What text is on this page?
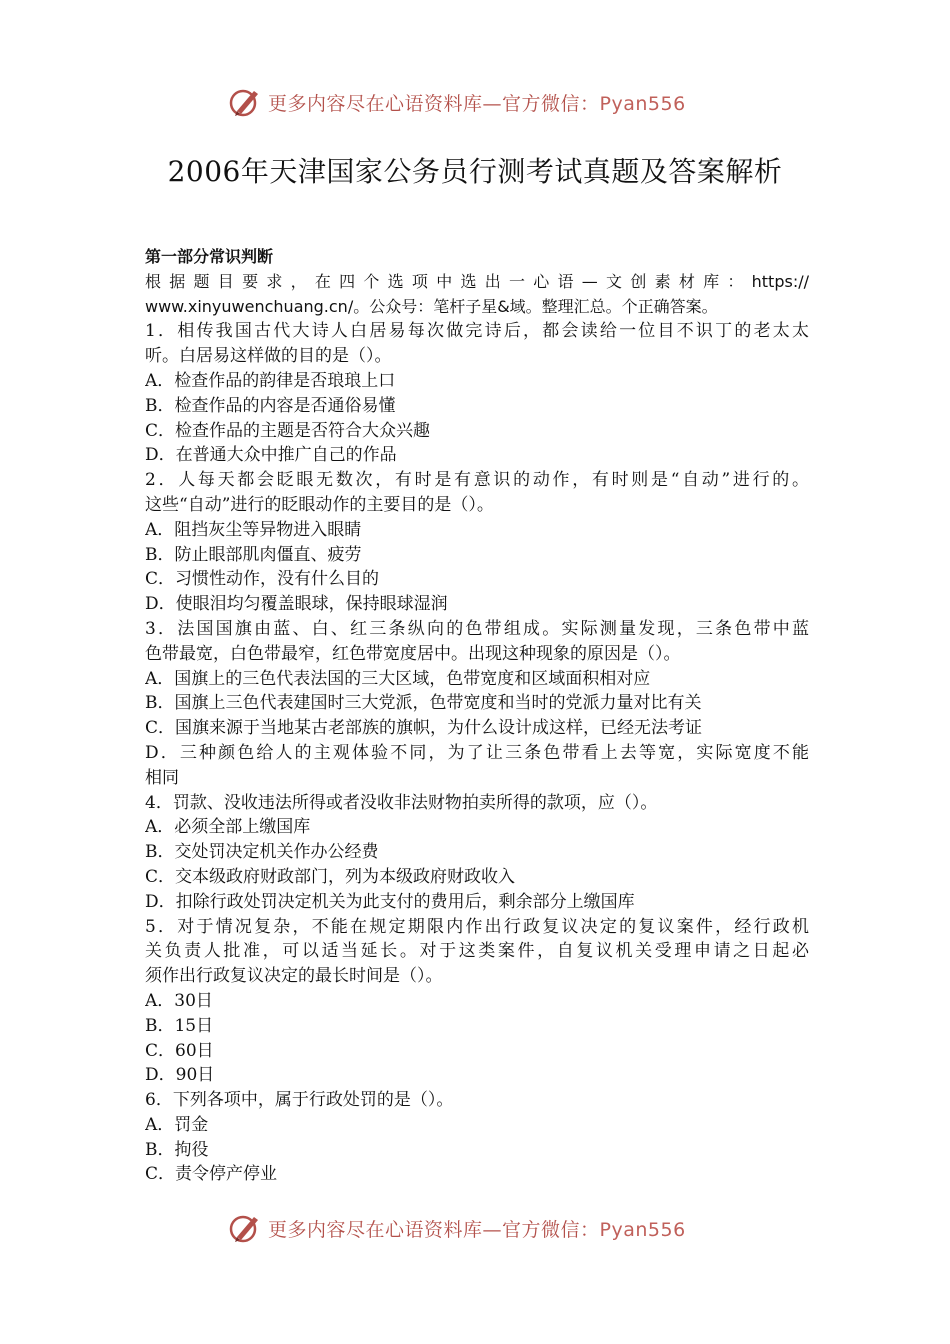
更多内容尽在心语资料库—官方微信：Pyan556
2006年天津国家公务员行测考试真题及答案解析
第一部分常识判断
根据题目要求，在四个选项中选出一心语—文创素材库：https://
www.xinyuwenchuang.cn/。公众号：笔杆子星&域。整理汇总。个正确答案。
1．相传我国古代大诗人白居易每次做完诗后，都会读给一位目不识丁的老太太
听。白居易这样做的目的是（）。
A．检查作品的韵律是否琅琅上口
B．检查作品的内容是否通俗易懂
C．检查作品的主题是否符合大众兴趣
D．在普通大众中推广自己的作品
2．人每天都会眨眼无数次，有时是有意识的动作，有时则是“自动”进行的。
这些“自动”进行的眨眼动作的主要目的是（）。
A．阻挡灰尘等异物进入眼睛
B．防止眼部肌肉僵直、疲劳
C．习惯性动作，没有什么目的
D．使眼泪均匀覆盖眼球，保持眼球湿润
3．法国国旗由蓝、白、红三条纵向的色带组成。实际测量发现，三条色带中蓝
色带最宽，白色带最窄，红色带宽度居中。出现这种现象的原因是（）。
A．国旗上的三色代表法国的三大区域，色带宽度和区域面积相对应
B．国旗上三色代表建国时三大党派，色带宽度和当时的党派力量对比有关
C．国旗来源于当地某古老部族的旗帜，为什么设计成这样，已经无法考证
D．三种颜色给人的主观体验不同，为了让三条色带看上去等宽，实际宽度不能
相同
4．罚款、没收违法所得或者没收非法财物拍卖所得的款项，应（）。
A．必须全部上缴国库
B．交处罚决定机关作办公经费
C．交本级政府财政部门，列为本级政府财政收入
D．扣除行政处罚决定机关为此支付的费用后，剩余部分上缴国库
5．对于情况复杂，不能在规定期限内作出行政复议决定的复议案件，经行政机
关负责人批准，可以适当延长。对于这类案件，自复议机关受理申请之日起必
须作出行政复议决定的最长时间是（）。
A．30日
B．15日
C．60日
D．90日
6．下列各项中，属于行政处罚的是（）。
A．罚金
B．拘役
C．责令停产停业
更多内容尽在心语资料库—官方微信：Pyan556
